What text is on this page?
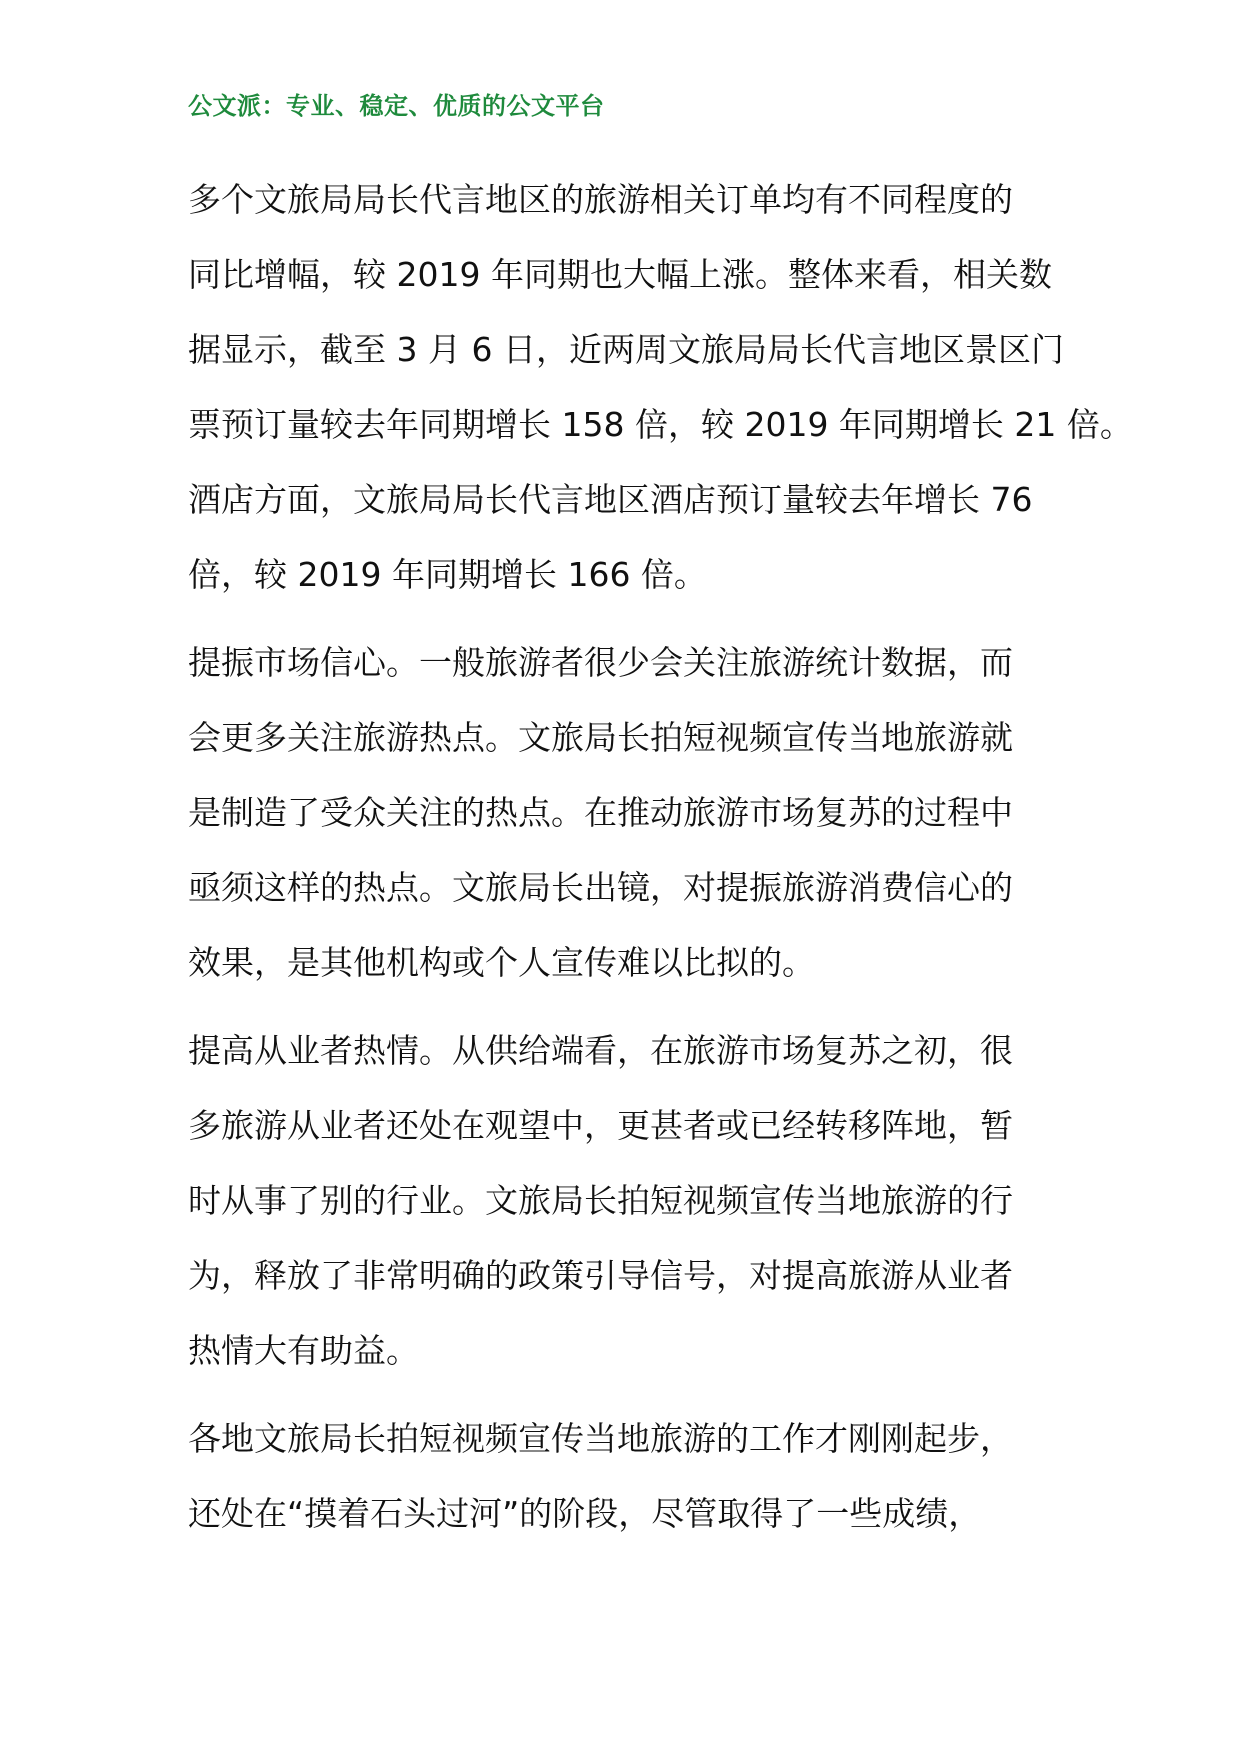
公文派：专业、稳定、优质的公文平台

多个文旅局局长代言地区的旅游相关订单均有不同程度的
同比增幅，较 2019 年同期也大幅上涨。整体来看，相关数
据显示，截至 3 月 6 日，近两周文旅局局长代言地区景区门
票预订量较去年同期增长 158 倍，较 2019 年同期增长 21 倍。
酒店方面，文旅局局长代言地区酒店预订量较去年增长 76
倍，较 2019 年同期增长 166 倍。

提振市场信心。一般旅游者很少会关注旅游统计数据，而
会更多关注旅游热点。文旅局长拍短视频宣传当地旅游就
是制造了受众关注的热点。在推动旅游市场复苏的过程中
亟须这样的热点。文旅局长出镜，对提振旅游消费信心的
效果，是其他机构或个人宣传难以比拟的。

提高从业者热情。从供给端看，在旅游市场复苏之初，很
多旅游从业者还处在观望中，更甚者或已经转移阵地，暂
时从事了别的行业。文旅局长拍短视频宣传当地旅游的行
为，释放了非常明确的政策引导信号，对提高旅游从业者
热情大有助益。

各地文旅局长拍短视频宣传当地旅游的工作才刚刚起步，
还处在“摸着石头过河”的阶段，尽管取得了一些成绩，
